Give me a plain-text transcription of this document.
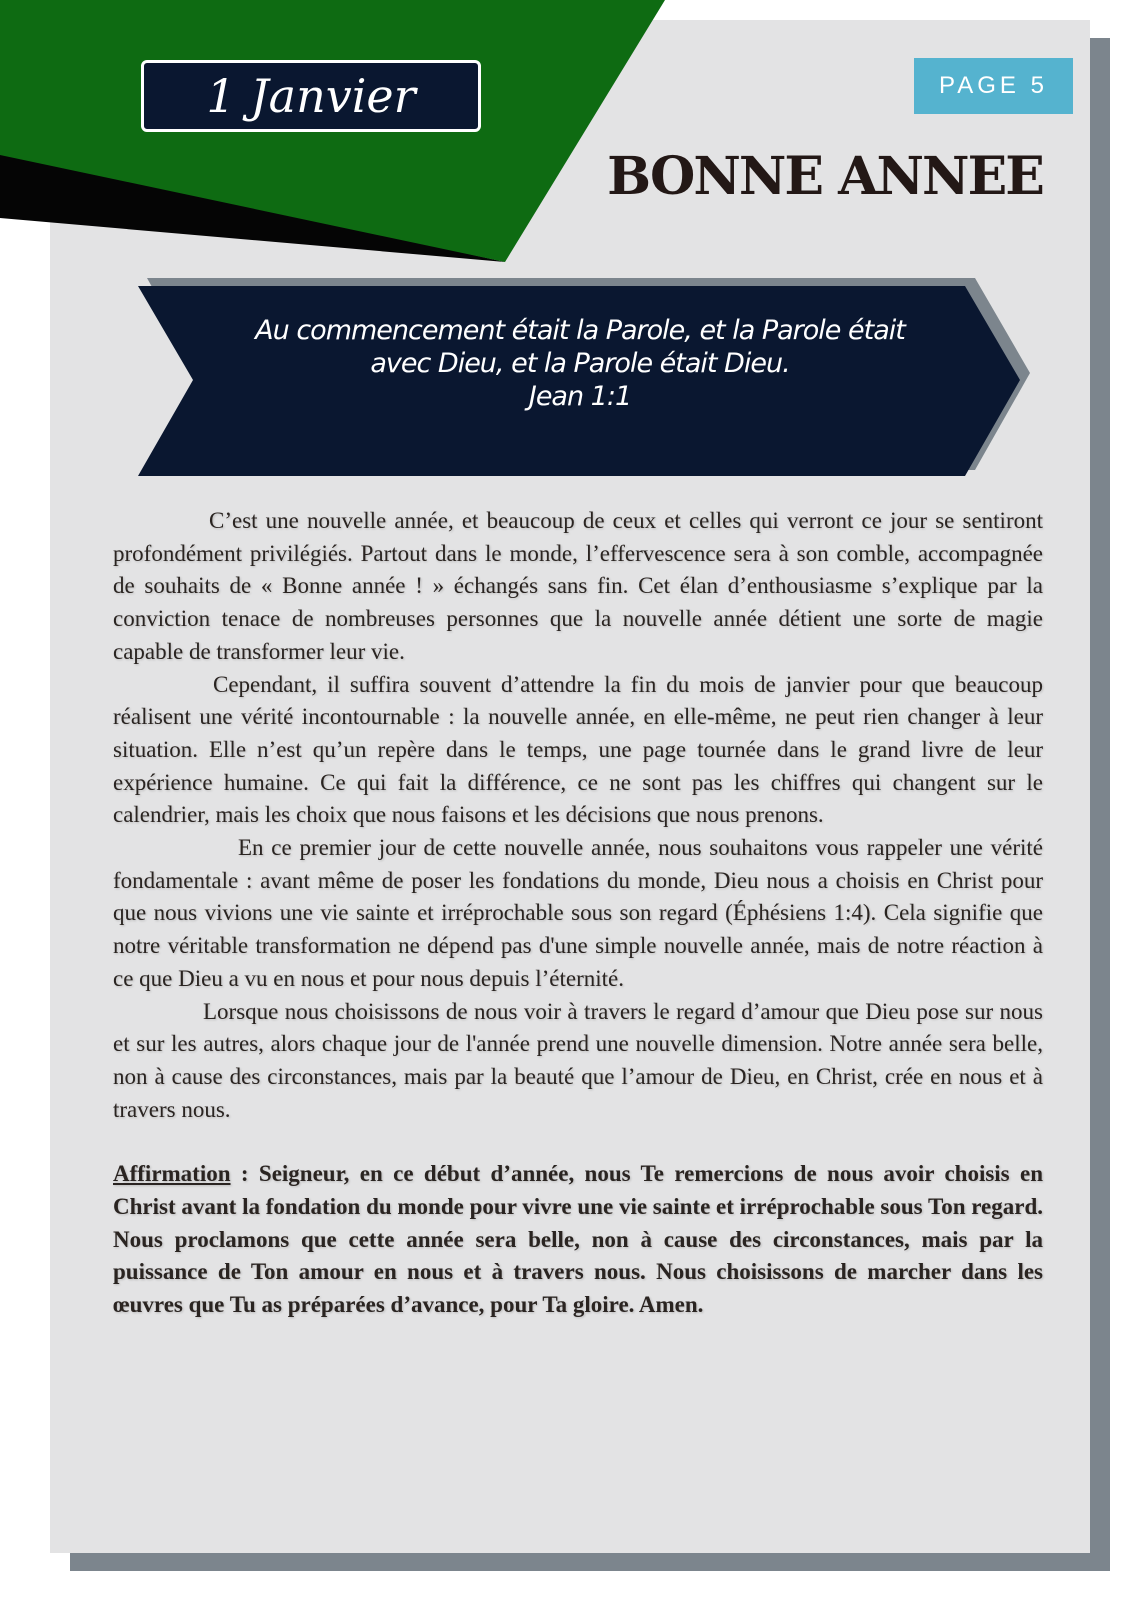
1 Janvier	PAGE 5
BONNE ANNEE
Au commencement était la Parole, et la Parole était
avec Dieu, et la Parole était Dieu.
Jean 1:1

C’est une nouvelle année, et beaucoup de ceux et celles qui verront ce jour se sentiront profondément privilégiés. Partout dans le monde, l’effervescence sera à son comble, accompagnée de souhaits de « Bonne année ! » échangés sans fin. Cet élan d’enthousiasme s’explique par la conviction tenace de nombreuses personnes que la nouvelle année détient une sorte de magie capable de transformer leur vie.

Cependant, il suffira souvent d’attendre la fin du mois de janvier pour que beaucoup réalisent une vérité incontournable : la nouvelle année, en elle-même, ne peut rien changer à leur situation. Elle n’est qu’un repère dans le temps, une page tournée dans le grand livre de leur expérience humaine. Ce qui fait la différence, ce ne sont pas les chiffres qui changent sur le calendrier, mais les choix que nous faisons et les décisions que nous prenons.

En ce premier jour de cette nouvelle année, nous souhaitons vous rappeler une vérité fondamentale : avant même de poser les fondations du monde, Dieu nous a choisis en Christ pour que nous vivions une vie sainte et irréprochable sous son regard (Éphésiens 1:4). Cela signifie que notre véritable transformation ne dépend pas d'une simple nouvelle année, mais de notre réaction à ce que Dieu a vu en nous et pour nous depuis l’éternité.

Lorsque nous choisissons de nous voir à travers le regard d’amour que Dieu pose sur nous et sur les autres, alors chaque jour de l'année prend une nouvelle dimension. Notre année sera belle, non à cause des circonstances, mais par la beauté que l’amour de Dieu, en Christ, crée en nous et à travers nous.

Affirmation : Seigneur, en ce début d’année, nous Te remercions de nous avoir choisis en Christ avant la fondation du monde pour vivre une vie sainte et irréprochable sous Ton regard. Nous proclamons que cette année sera belle, non à cause des circonstances, mais par la puissance de Ton amour en nous et à travers nous. Nous choisissons de marcher dans les œuvres que Tu as préparées d’avance, pour Ta gloire. Amen.
